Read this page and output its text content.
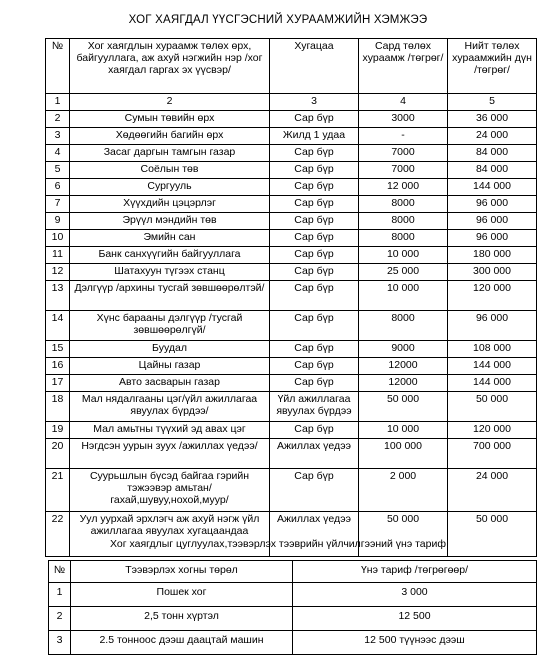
ХОГ ХАЯГДАЛ ҮҮСГЭСНИЙ ХУРААМЖИЙН ХЭМЖЭЭ
№	Хог хаягдлын хураамж төлөх өрх, байгууллага, аж ахуй нэгжийн нэр /хог хаягдал гаргах эх үүсвэр/	Хугацаа	Сард төлөх хураамж /төгрөг/	Нийт төлөх хураамжийн дүн /төгрөг/
1	2	3	4	5
2	Сумын төвийн өрх	Сар бүр	3000	36 000
3	Хөдөөгийн багийн өрх	Жилд 1 удаа	-	24 000
4	Засаг даргын тамгын газар	Сар бүр	7000	84 000
5	Соёлын төв	Сар бүр	7000	84 000
6	Сургууль	Сар бүр	12 000	144 000
7	Хүүхдийн цэцэрлэг	Сар бүр	8000	96 000
9	Эрүүл мэндийн төв	Сар бүр	8000	96 000
10	Эмийн сан	Сар бүр	8000	96 000
11	Банк санхүүгийн байгууллага	Сар бүр	10 000	180 000
12	Шатахуун түгээх станц	Сар бүр	25 000	300 000
13	Дэлгүүр /архины тусгай зөвшөөрөлтэй/	Сар бүр	10 000	120 000
14	Хүнс барааны дэлгүүр /тусгай зөвшөөрөлгүй/	Сар бүр	8000	96 000
15	Буудал	Сар бүр	9000	108 000
16	Цайны газар	Сар бүр	12000	144 000
17	Авто засварын газар	Сар бүр	12000	144 000
18	Мал нядалгааны цэг/үйл ажиллагаа явуулах бүрдээ/	Үйл ажиллагаа явуулах бүрдээ	50 000	50 000
19	Мал амьтны түүхий эд авах цэг	Сар бүр	10 000	120 000
20	Нэгдсэн уурын зуух /ажиллах үедээ/	Ажиллах үедээ	100 000	700 000
21	Суурьшлын бүсэд байгаа гэрийн тэжээвэр амьтан/гахай,шувуу,нохой,муур/	Сар бүр	2 000	24 000
22	Уул уурхай эрхлэгч аж ахуй нэгж үйл ажиллагаа явуулах хугацаандаа	Ажиллах үедээ	50 000	50 000
Хог хаягдлыг цуглуулах,тээвэрлэх тээврийн үйлчилгээний үнэ тариф
№	Тээвэрлэх хогны төрөл	Үнэ тариф /төгрөгөөр/
1	Пошек хог	3 000
2	2,5 тонн хүртэл	12 500
3	2.5 тонноос дээш даацтай машин	12 500 түүнээс дээш
